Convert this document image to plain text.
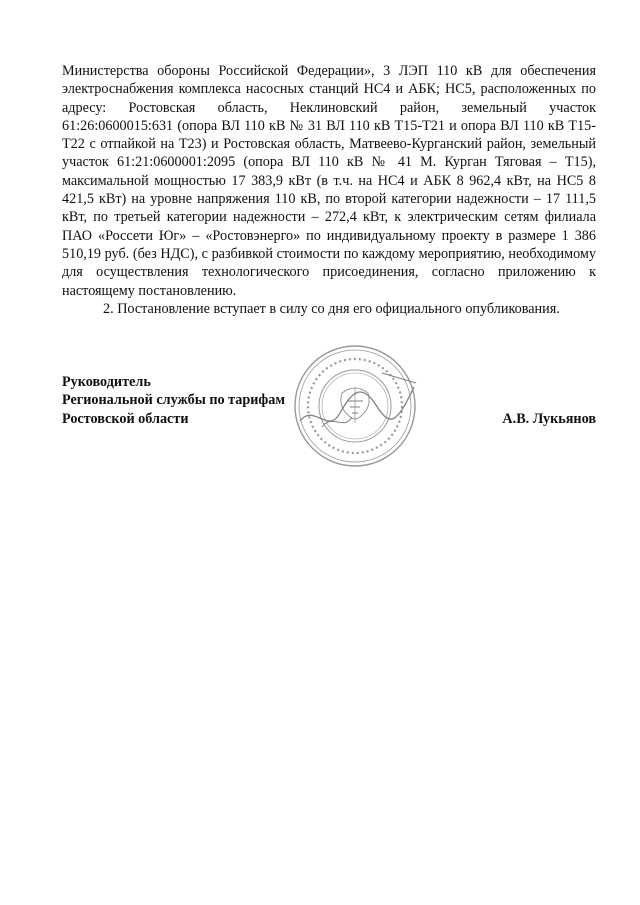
Министерства обороны Российской Федерации», 3 ЛЭП 110 кВ для обеспечения электроснабжения комплекса насосных станций НС4 и АБК; НС5, расположенных по адресу: Ростовская область, Неклиновский район, земельный участок 61:26:0600015:631 (опора ВЛ 110 кВ № 31 ВЛ 110 кВ Т15-Т21 и опора ВЛ 110 кВ Т15-Т22 с отпайкой на Т23) и Ростовская область, Матвеево-Курганский район, земельный участок 61:21:0600001:2095 (опора ВЛ 110 кВ № 41 М. Курган Тяговая – Т15), максимальной мощностью 17 383,9 кВт (в т.ч. на НС4 и АБК 8 962,4 кВт, на НС5 8 421,5 кВт) на уровне напряжения 110 кВ, по второй категории надежности – 17 111,5 кВт, по третьей категории надежности – 272,4 кВт, к электрическим сетям филиала ПАО «Россети Юг» – «Ростовэнерго» по индивидуальному проекту в размере 1 386 510,19 руб. (без НДС), с разбивкой стоимости по каждому мероприятию, необходимому для осуществления технологического присоединения, согласно приложению к настоящему постановлению.

2. Постановление вступает в силу со дня его официального опубликования.

Руководитель
Региональной службы по тарифам
Ростовской области	А.В. Лукьянов
